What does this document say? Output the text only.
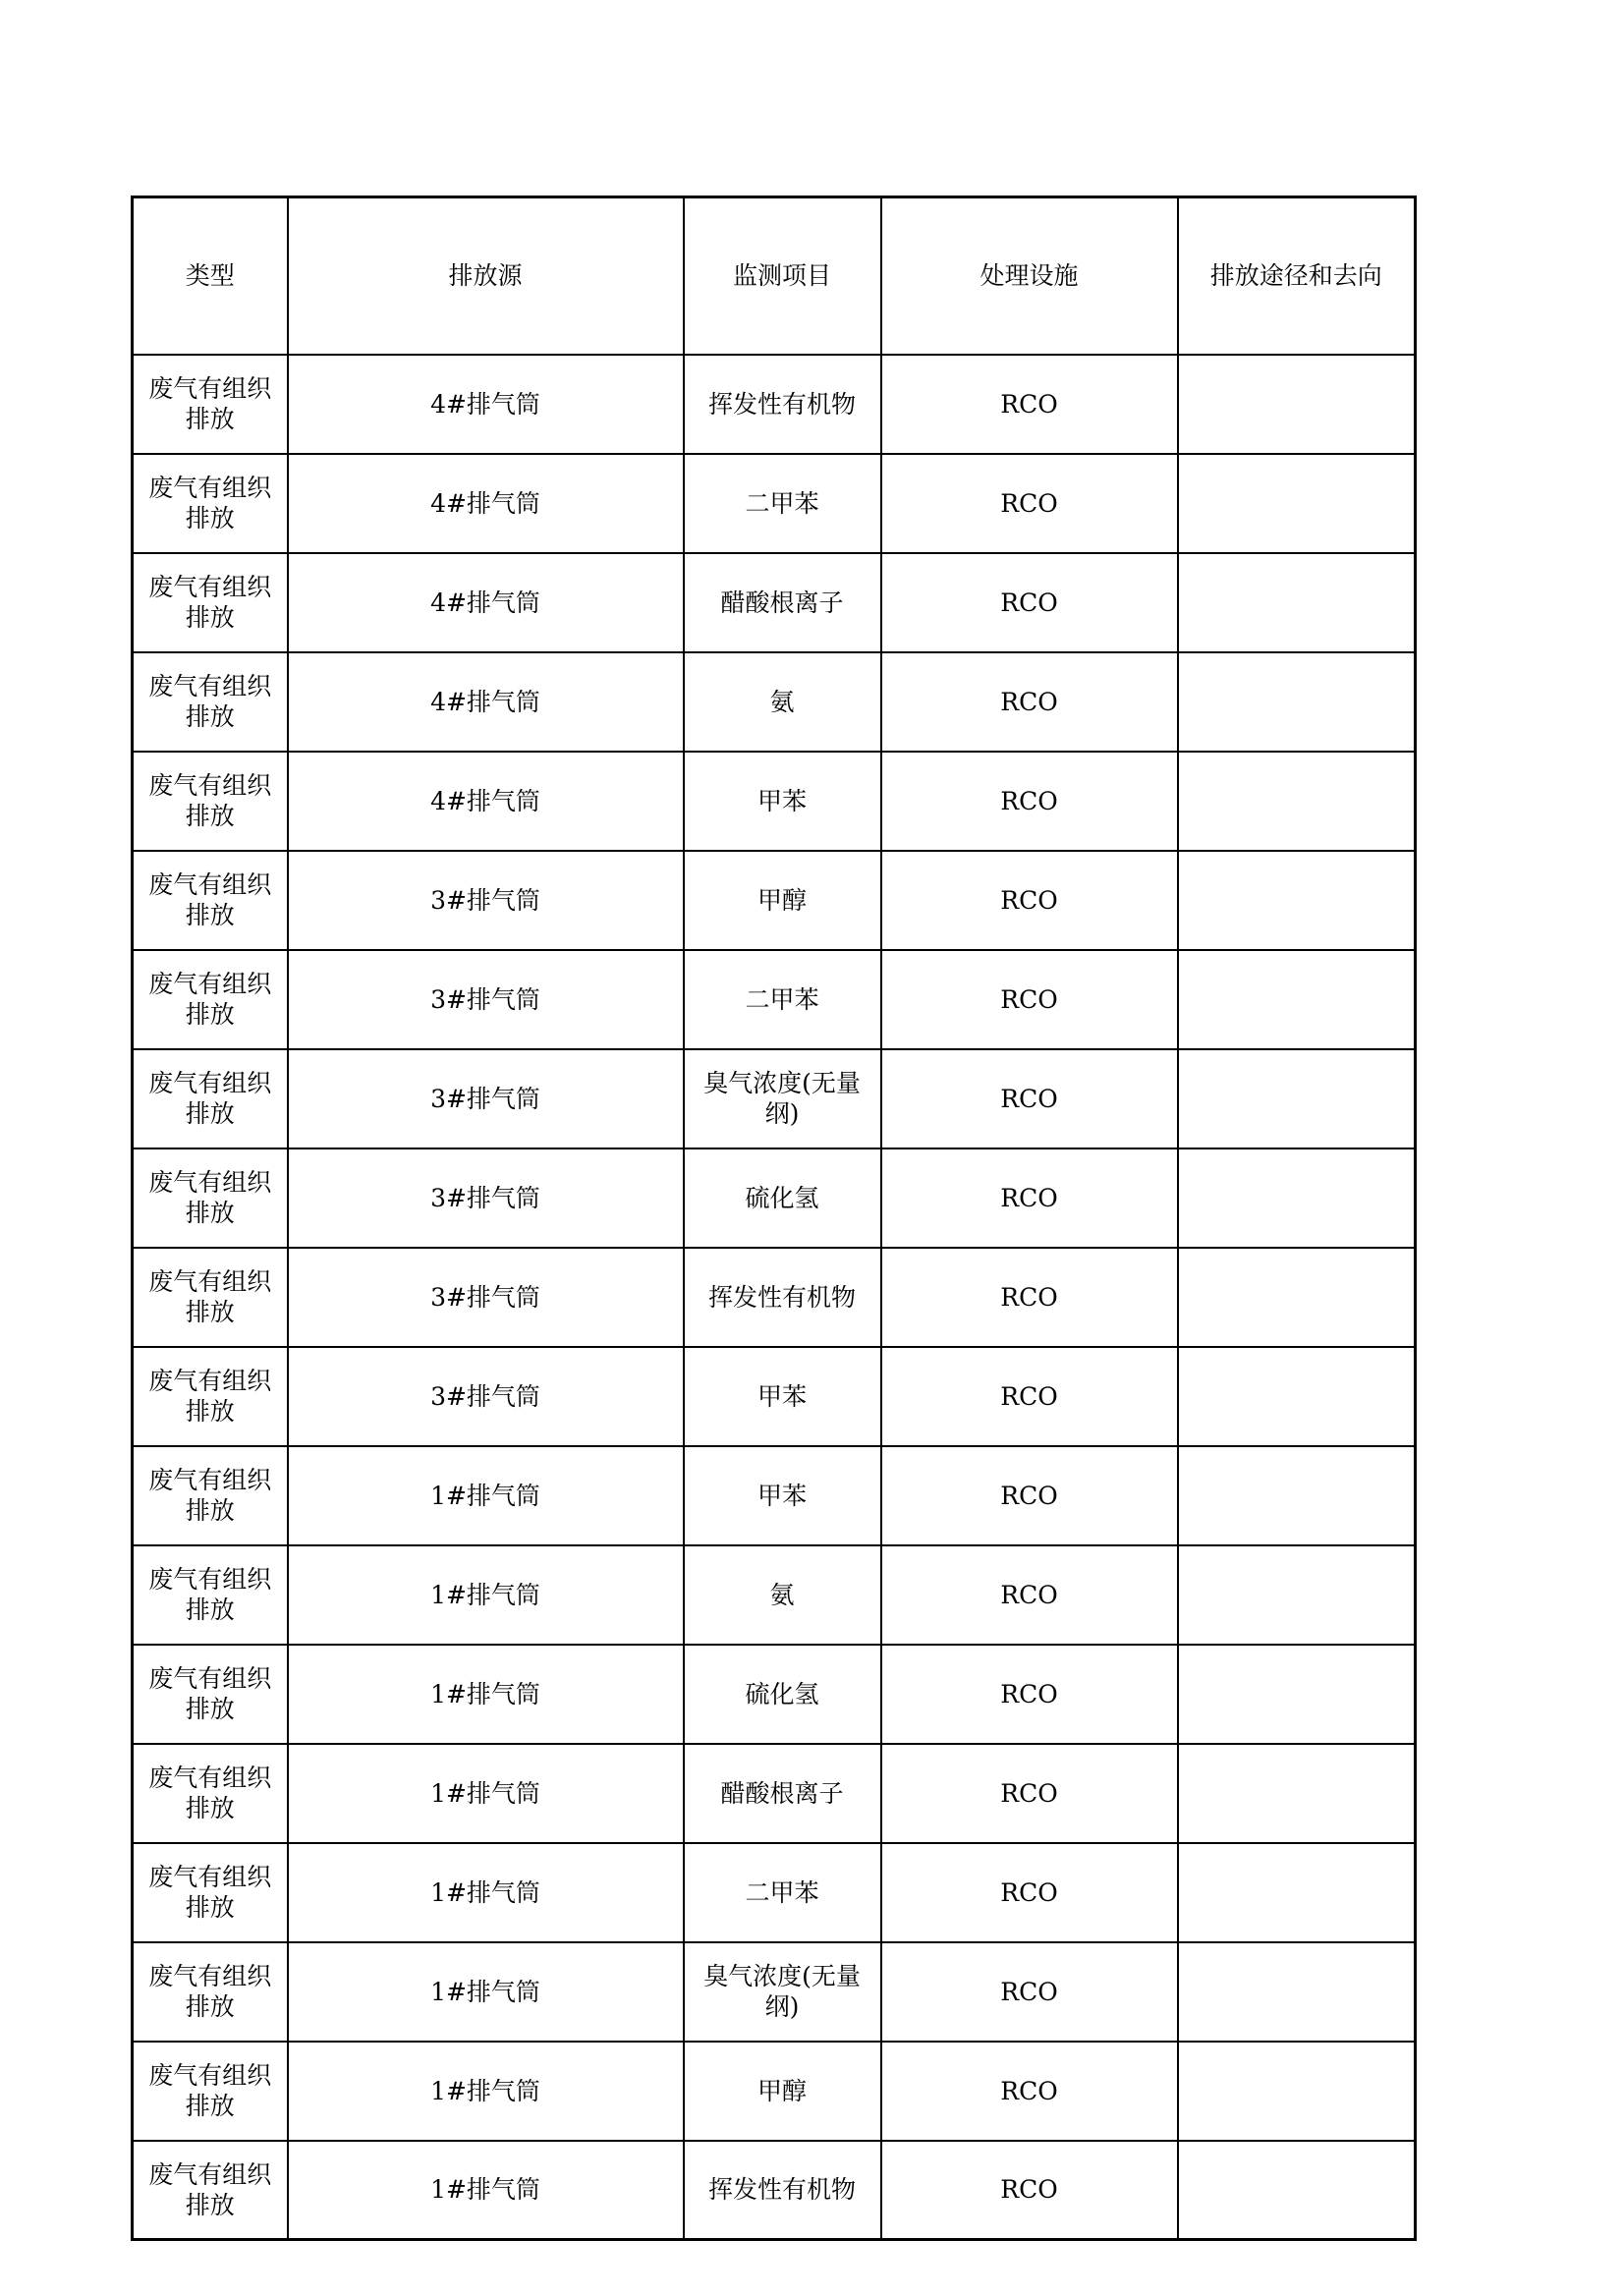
类型	排放源	监测项目	处理设施	排放途径和去向
废气有组织排放	4#排气筒	挥发性有机物	RCO	
废气有组织排放	4#排气筒	二甲苯	RCO	
废气有组织排放	4#排气筒	醋酸根离子	RCO	
废气有组织排放	4#排气筒	氨	RCO	
废气有组织排放	4#排气筒	甲苯	RCO	
废气有组织排放	3#排气筒	甲醇	RCO	
废气有组织排放	3#排气筒	二甲苯	RCO	
废气有组织排放	3#排气筒	臭气浓度(无量纲)	RCO	
废气有组织排放	3#排气筒	硫化氢	RCO	
废气有组织排放	3#排气筒	挥发性有机物	RCO	
废气有组织排放	3#排气筒	甲苯	RCO	
废气有组织排放	1#排气筒	甲苯	RCO	
废气有组织排放	1#排气筒	氨	RCO	
废气有组织排放	1#排气筒	硫化氢	RCO	
废气有组织排放	1#排气筒	醋酸根离子	RCO	
废气有组织排放	1#排气筒	二甲苯	RCO	
废气有组织排放	1#排气筒	臭气浓度(无量纲)	RCO	
废气有组织排放	1#排气筒	甲醇	RCO	
废气有组织排放	1#排气筒	挥发性有机物	RCO	
